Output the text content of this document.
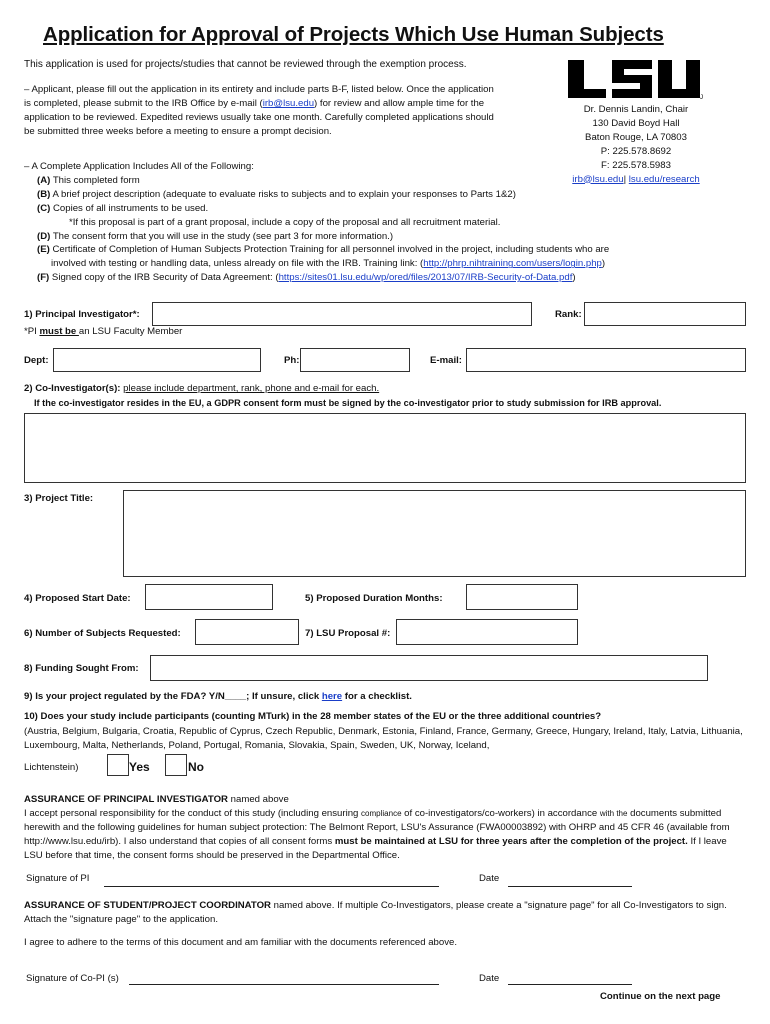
Application for Approval of Projects Which Use Human Subjects
This application is used for projects/studies that cannot be reviewed through the exemption process.
– Applicant, please fill out the application in its entirety and include parts B-F, listed below. Once the application is completed, please submit to the IRB Office by e-mail (irb@lsu.edu) for review and allow ample time for the application to be reviewed. Expedited reviews usually take one month. Carefully completed applications should be submitted three weeks before a meeting to ensure a prompt decision.
J
Dr. Dennis Landin, Chair
130 David Boyd Hall
Baton Rouge, LA 70803
P: 225.578.8692
F: 225.578.5983
irb@lsu.edu| lsu.edu/research
– A Complete Application Includes All of the Following:
(A) This completed form
(B) A brief project description (adequate to evaluate risks to subjects and to explain your responses to Parts 1&2)
(C) Copies of all instruments to be used.
*If this proposal is part of a grant proposal, include a copy of the proposal and all recruitment material.
(D) The consent form that you will use in the study (see part 3 for more information.)
(E) Certificate of Completion of Human Subjects Protection Training for all personnel involved in the project, including students who are
involved with testing or handling data, unless already on file with the IRB. Training link: (http://phrp.nihtraining.com/users/login.php)
(F) Signed copy of the IRB Security of Data Agreement: (https://sites01.lsu.edu/wp/ored/files/2013/07/IRB-Security-of-Data.pdf)
1) Principal Investigator*:	Rank:
*PI must be an LSU Faculty Member
Dept:	Ph:	E-mail:
2) Co-Investigator(s): please include department, rank, phone and e-mail for each.
If the co-investigator resides in the EU, a GDPR consent form must be signed by the co-investigator prior to study submission for IRB approval.
3) Project Title:
4) Proposed Start Date:	5) Proposed Duration Months:
6) Number of Subjects Requested:	7) LSU Proposal #:
8) Funding Sought From:
9) Is your project regulated by the FDA? Y/N____; If unsure, click here for a checklist.
10) Does your study include participants (counting MTurk) in the 28 member states of the EU or the three additional countries?
(Austria, Belgium, Bulgaria, Croatia, Republic of Cyprus, Czech Republic, Denmark, Estonia, Finland, France, Germany, Greece, Hungary, Ireland, Italy, Latvia, Lithuania, Luxembourg, Malta, Netherlands, Poland, Portugal, Romania, Slovakia, Spain, Sweden, UK, Norway, Iceland,
Lichtenstein)	Yes	No
ASSURANCE OF PRINCIPAL INVESTIGATOR named above
I accept personal responsibility for the conduct of this study (including ensuring compliance of co-investigators/co-workers) in accordance with the documents submitted herewith and the following guidelines for human subject protection: The Belmont Report, LSU's Assurance (FWA00003892) with OHRP and 45 CFR 46 (available from http://www.lsu.edu/irb). I also understand that copies of all consent forms must be maintained at LSU for three years after the completion of the project. If I leave LSU before that time, the consent forms should be preserved in the Departmental Office.
Signature of PI	Date
ASSURANCE OF STUDENT/PROJECT COORDINATOR named above. If multiple Co-Investigators, please create a "signature page" for all Co-Investigators to sign. Attach the "signature page" to the application.
I agree to adhere to the terms of this document and am familiar with the documents referenced above.
Signature of Co-PI (s)	Date
Continue on the next page
